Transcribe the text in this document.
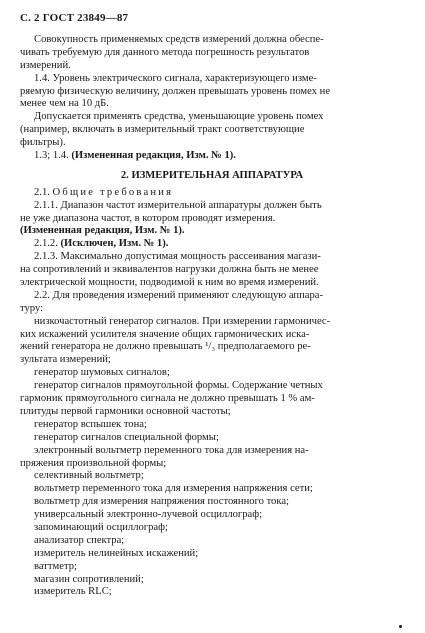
С. 2 ГОСТ 23849—87
Совокупность применяемых средств измерений должна обеспе-
чивать требуемую для данного метода погрешность результатов
измерений.
1.4. Уровень электрического сигнала, характеризующего изме-
ряемую физическую величину, должен превышать уровень помех не
менее чем на 10 дБ.
Допускается применять средства, уменьшающие уровень помех
(например, включать в измерительный тракт соответствующие
фильтры).
1.3; 1.4. (Измененная редакция, Изм. № 1).
2. ИЗМЕРИТЕЛЬНАЯ АППАРАТУРА
2.1. Общие требования
2.1.1. Диапазон частот измерительной аппаратуры должен быть
не уже диапазона частот, в котором проводят измерения.
(Измененная редакция, Изм. № 1).
2.1.2. (Исключен, Изм. № 1).
2.1.3. Максимально допустимая мощность рассеивания магази-
на сопротивлений и эквивалентов нагрузки должна быть не менее
электрической мощности, подводимой к ним во время измерений.
2.2. Для проведения измерений применяют следующую аппара-
туру:
низкочастотный генератор сигналов. При измерении гармоничес-
ких искажений усилителя значение общих гармонических иска-
жений генератора не должно превышать ¹/₃ предполагаемого ре-
зультата измерений;
генератор шумовых сигналов;
генератор сигналов прямоугольной формы. Содержание четных
гармоник прямоугольного сигнала не должно превышать 1 % ам-
плитуды первой гармоники основной частоты;
генератор вспышек тона;
генератор сигналов специальной формы;
электронный вольтметр переменного тока для измерения на-
пряжения произвольной формы;
селективный вольтметр;
вольтметр переменного тока для измерения напряжения сети;
вольтметр для измерения напряжения постоянного тока;
универсальный электронно-лучевой осциллограф;
запоминающий осциллограф;
анализатор спектра;
измеритель нелинейных искажений;
ваттметр;
магазин сопротивлений;
измеритель RLC;
